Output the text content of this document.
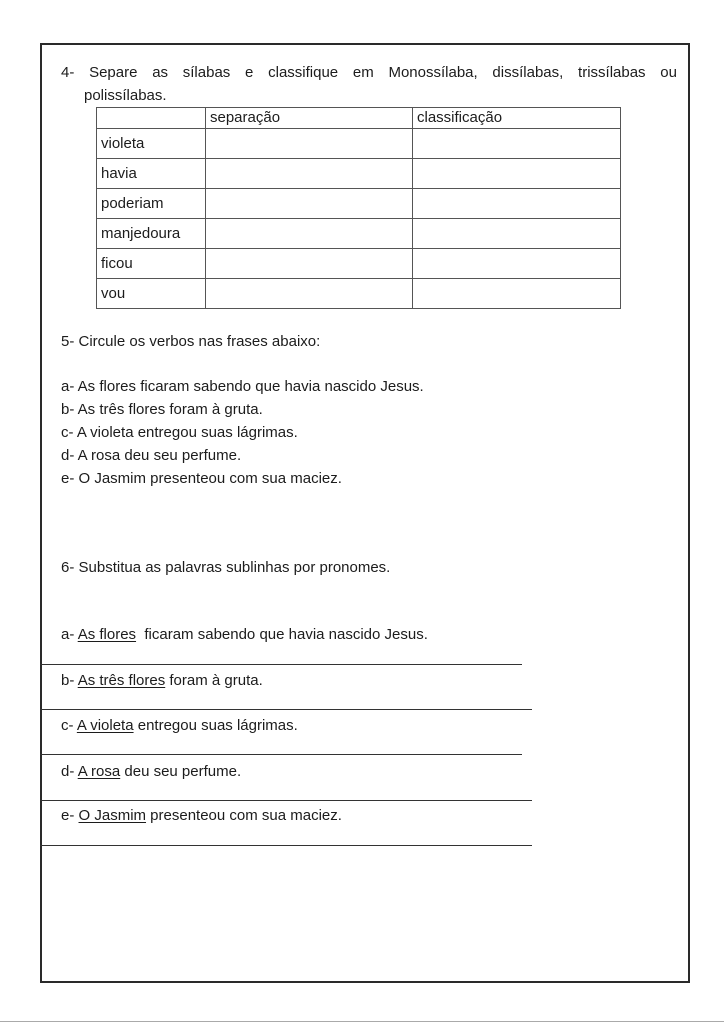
4- Separe as sílabas e classifique em Monossílaba, dissílabas, trissílabas ou
polissílabas.
	separação	classificação
violeta		
havia		
poderiam		
manjedoura		
ficou		
vou		
5- Circule os verbos nas frases abaixo:
a- As flores ficaram sabendo que havia nascido Jesus.
b- As três flores foram à gruta.
c- A violeta entregou suas lágrimas.
d- A rosa deu seu perfume.
e- O Jasmim presenteou com sua maciez.
6- Substitua as palavras sublinhas por pronomes.
a- As flores  ficaram sabendo que havia nascido Jesus.
b- As três flores foram à gruta.
c- A violeta entregou suas lágrimas.
d- A rosa deu seu perfume.
e- O Jasmim presenteou com sua maciez.
